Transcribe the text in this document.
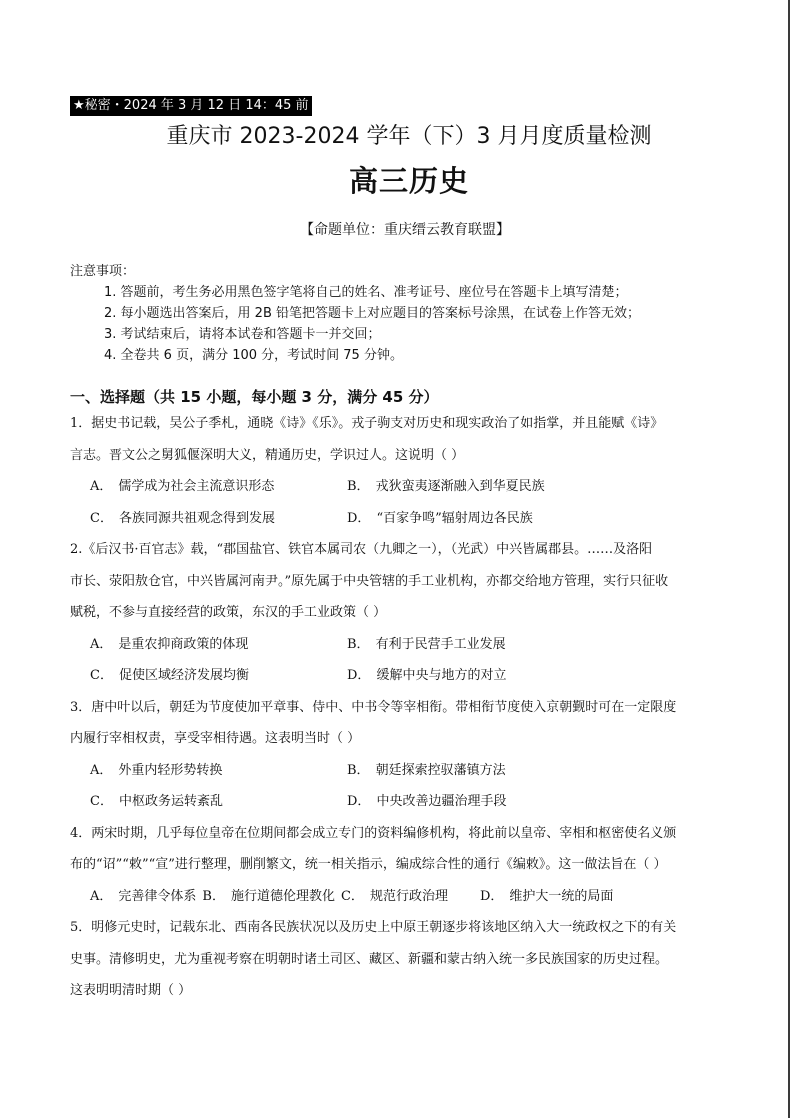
★秘密・2024 年 3 月 12 日 14：45 前
重庆市 2023-2024 学年（下）3 月月度质量检测
高三历史
【命题单位：重庆缙云教育联盟】
注意事项：
1. 答题前，考生务必用黑色签字笔将自己的姓名、准考证号、座位号在答题卡上填写清楚；
2. 每小题选出答案后，用 2B 铅笔把答题卡上对应题目的答案标号涂黑，在试卷上作答无效；
3. 考试结束后，请将本试卷和答题卡一并交回；
4. 全卷共 6 页，满分 100 分，考试时间 75 分钟。
一、选择题（共 15 小题，每小题 3 分，满分 45 分）
1．据史书记载，吴公子季札，通晓《诗》《乐》。戎子驹支对历史和现实政治了如指掌，并且能赋《诗》
言志。晋文公之舅狐偃深明大义，精通历史，学识过人。这说明（ ）
A． 儒学成为社会主流意识形态	B． 戎狄蛮夷逐渐融入到华夏民族
C． 各族同源共祖观念得到发展	D． “百家争鸣”辐射周边各民族
2.《后汉书·百官志》载，“郡国盐官、铁官本属司农（九卿之一），（光武）中兴皆属郡县。……及洛阳
市长、荥阳敖仓官，中兴皆属河南尹。”原先属于中央管辖的手工业机构，亦都交给地方管理，实行只征收
赋税，不参与直接经营的政策，东汉的手工业政策（ ）
A． 是重农抑商政策的体现	B． 有利于民营手工业发展
C． 促使区域经济发展均衡	D． 缓解中央与地方的对立
3．唐中叶以后，朝廷为节度使加平章事、侍中、中书令等宰相衔。带相衔节度使入京朝觐时可在一定限度
内履行宰相权责，享受宰相待遇。这表明当时（ ）
A． 外重内轻形势转换	B． 朝廷探索控驭藩镇方法
C． 中枢政务运转紊乱	D． 中央改善边疆治理手段
4．两宋时期，几乎每位皇帝在位期间都会成立专门的资料编修机构，将此前以皇帝、宰相和枢密使名义颁
布的“诏”“敕”“宣”进行整理，删削繁文，统一相关指示，编成综合性的通行《编敕》。这一做法旨在（ ）
A． 完善律令体系 B． 施行道德伦理教化 C． 规范行政治理 D． 维护大一统的局面
5．明修元史时，记载东北、西南各民族状况以及历史上中原王朝逐步将该地区纳入大一统政权之下的有关
史事。清修明史，尤为重视考察在明朝时诸土司区、藏区、新疆和蒙古纳入统一多民族国家的历史过程。
这表明明清时期（ ）
